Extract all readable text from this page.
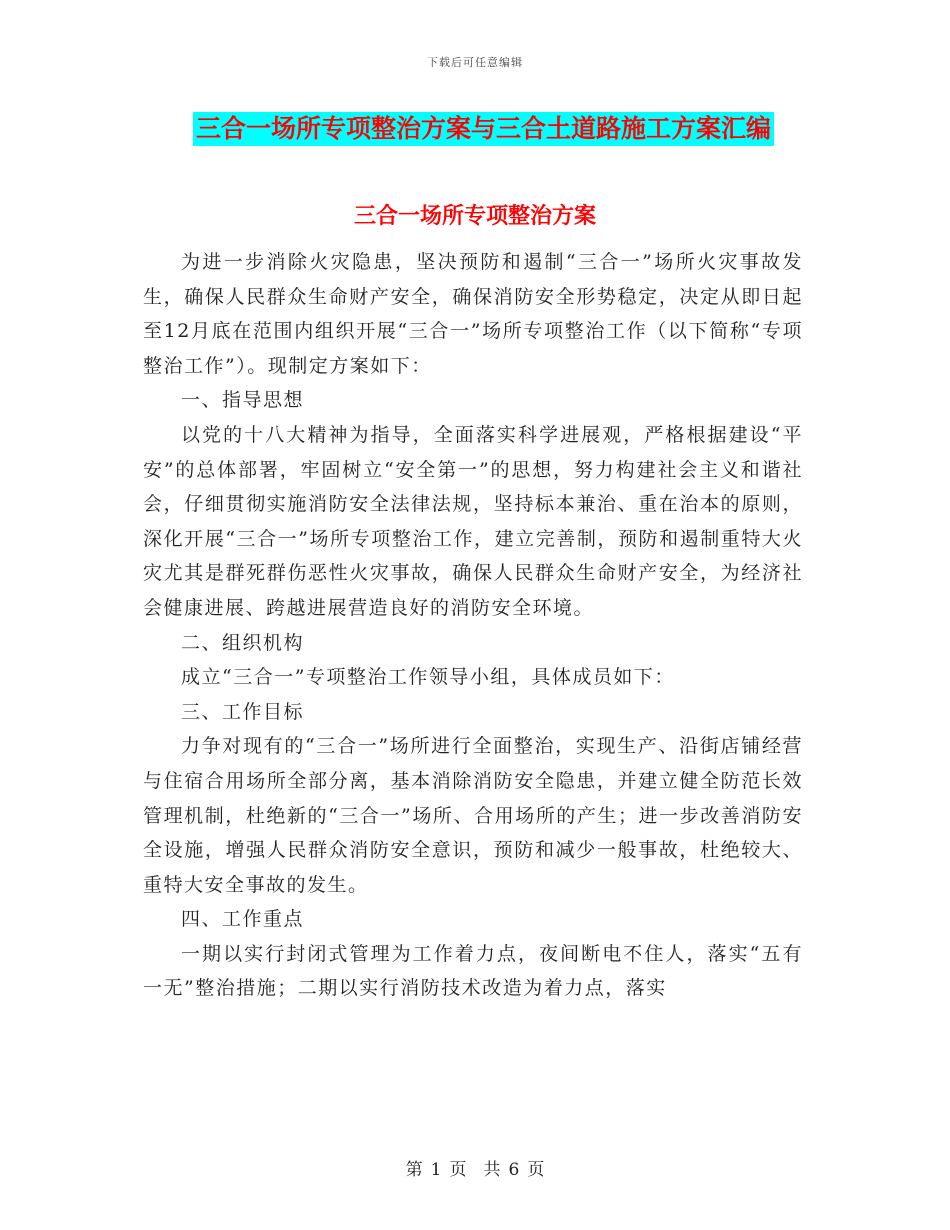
下载后可任意编辑
三合一场所专项整治方案与三合土道路施工方案汇编
三合一场所专项整治方案

为进一步消除火灾隐患，坚决预防和遏制“三合一”场所火灾事故发生，确保人民群众生命财产安全，确保消防安全形势稳定，决定从即日起至12月底在范围内组织开展“三合一”场所专项整治工作（以下简称“专项整治工作”）。现制定方案如下：

一、指导思想

以党的十八大精神为指导，全面落实科学进展观，严格根据建设“平安”的总体部署，牢固树立“安全第一”的思想，努力构建社会主义和谐社会，仔细贯彻实施消防安全法律法规，坚持标本兼治、重在治本的原则，深化开展“三合一”场所专项整治工作，建立完善制，预防和遏制重特大火灾尤其是群死群伤恶性火灾事故，确保人民群众生命财产安全，为经济社会健康进展、跨越进展营造良好的消防安全环境。

二、组织机构

成立“三合一”专项整治工作领导小组，具体成员如下：

三、工作目标

力争对现有的“三合一”场所进行全面整治，实现生产、沿街店铺经营与住宿合用场所全部分离，基本消除消防安全隐患，并建立健全防范长效管理机制，杜绝新的“三合一”场所、合用场所的产生；进一步改善消防安全设施，增强人民群众消防安全意识，预防和减少一般事故，杜绝较大、重特大安全事故的发生。

四、工作重点

一期以实行封闭式管理为工作着力点，夜间断电不住人，落实“五有一无”整治措施；二期以实行消防技术改造为着力点，落实

第 1 页　共 6 页
